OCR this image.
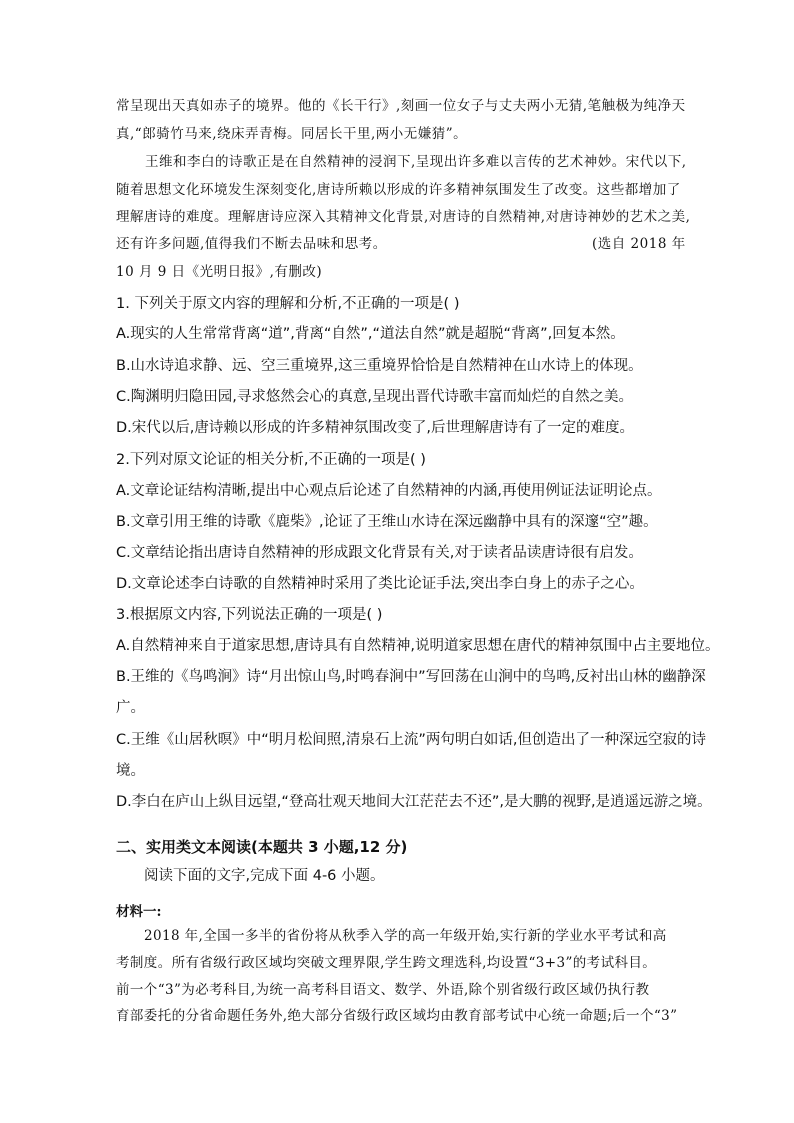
常呈现出天真如赤子的境界。他的《长干行》,刻画一位女子与丈夫两小无猜,笔触极为纯净天
真,“郎骑竹马来,绕床弄青梅。同居长干里,两小无嫌猜”。
王维和李白的诗歌正是在自然精神的浸润下,呈现出许多难以言传的艺术神妙。宋代以下,
随着思想文化环境发生深刻变化,唐诗所赖以形成的许多精神氛围发生了改变。这些都增加了
理解唐诗的难度。理解唐诗应深入其精神文化背景,对唐诗的自然精神,对唐诗神妙的艺术之美,
还有许多问题,值得我们不断去品味和思考。	(选自 2018 年
10 月 9 日《光明日报》,有删改)
1. 下列关于原文内容的理解和分析,不正确的一项是( )
A.现实的人生常常背离“道”,背离“自然”,“道法自然”就是超脱“背离”,回复本然。
B.山水诗追求静、远、空三重境界,这三重境界恰恰是自然精神在山水诗上的体现。
C.陶渊明归隐田园,寻求悠然会心的真意,呈现出晋代诗歌丰富而灿烂的自然之美。
D.宋代以后,唐诗赖以形成的许多精神氛围改变了,后世理解唐诗有了一定的难度。
2.下列对原文论证的相关分析,不正确的一项是( )
A.文章论证结构清晰,提出中心观点后论述了自然精神的内涵,再使用例证法证明论点。
B.文章引用王维的诗歌《鹿柴》,论证了王维山水诗在深远幽静中具有的深邃“空”趣。
C.文章结论指出唐诗自然精神的形成跟文化背景有关,对于读者品读唐诗很有启发。
D.文章论述李白诗歌的自然精神时采用了类比论证手法,突出李白身上的赤子之心。
3.根据原文内容,下列说法正确的一项是( )
A.自然精神来自于道家思想,唐诗具有自然精神,说明道家思想在唐代的精神氛围中占主要地位。
B.王维的《鸟鸣涧》诗“月出惊山鸟,时鸣春涧中”写回荡在山涧中的鸟鸣,反衬出山林的幽静深
广。
C.王维《山居秋暝》中“明月松间照,清泉石上流”两句明白如话,但创造出了一种深远空寂的诗
境。
D.李白在庐山上纵目远望,“登高壮观天地间大江茫茫去不还”,是大鹏的视野,是逍遥远游之境。
二、实用类文本阅读(本题共 3 小题,12 分)
阅读下面的文字,完成下面 4-6 小题。
材料一:
2018 年,全国一多半的省份将从秋季入学的高一年级开始,实行新的学业水平考试和高
考制度。所有省级行政区域均突破文理界限,学生跨文理选科,均设置“3+3”的考试科目。
前一个“3”为必考科目,为统一高考科目语文、数学、外语,除个别省级行政区域仍执行教
育部委托的分省命题任务外,绝大部分省级行政区域均由教育部考试中心统一命题;后一个“3”
